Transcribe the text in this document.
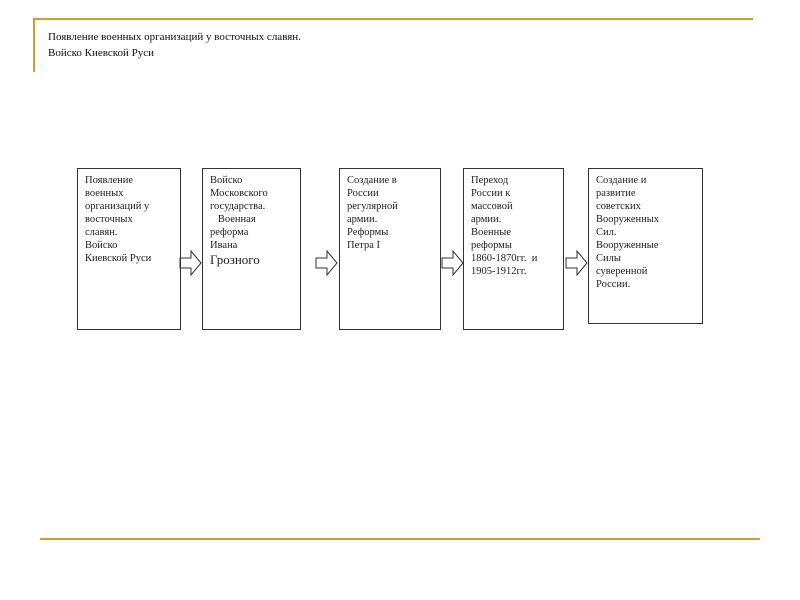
Появление военных организаций у восточных славян.
Войско Киевской Руси
Появление
военных
организаций у
восточных
славян.
Войско
Киевской Руси
Войско
Московского
государства.
Военная
реформа
Ивана
Грозного
Создание в
России
регулярной
армии.
Реформы
Петра I
Переход
России к
массовой
армии.
Военные
реформы
1860-1870гг.  и
1905-1912гг.
Создание и
развитие
советских
Вооруженных
Сил.
Вооруженные
Силы
суверенной
России.
